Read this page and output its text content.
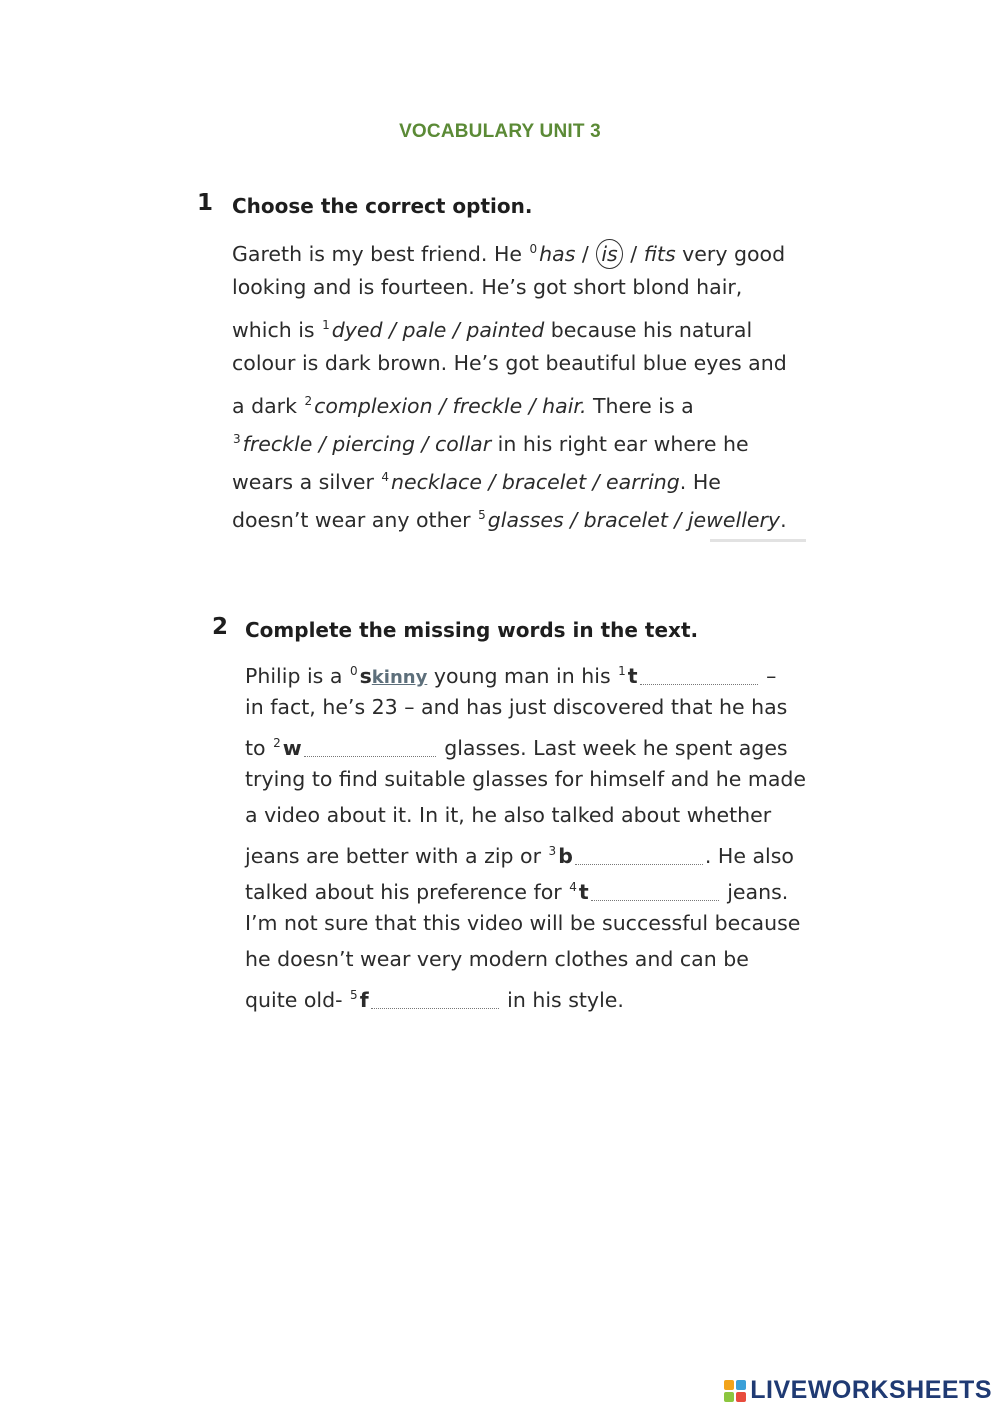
VOCABULARY UNIT 3
1 Choose the correct option.
Gareth is my best friend. He $^0$has / is / fits very good
looking and is fourteen. He’s got short blond hair,
which is $^1$dyed / pale / painted because his natural
colour is dark brown. He’s got beautiful blue eyes and
a dark $^2$complexion / freckle / hair. There is a
$^3$freckle / piercing / collar in his right ear where he
wears a silver $^4$necklace / bracelet / earring. He
doesn’t wear any other $^5$glasses / bracelet / jewellery.
2 Complete the missing words in the text.
Philip is a $^0$skinny young man in his $^1$t	–
in fact, he’s 23 – and has just discovered that he has
to $^2$w	glasses. Last week he spent ages
trying to find suitable glasses for himself and he made
a video about it. In it, he also talked about whether
jeans are better with a zip or $^3$b	. He also
talked about his preference for $^4$t	jeans.
I’m not sure that this video will be successful because
he doesn’t wear very modern clothes and can be
quite old- $^5$f	in his style.
LIVEWORKSHEETS
